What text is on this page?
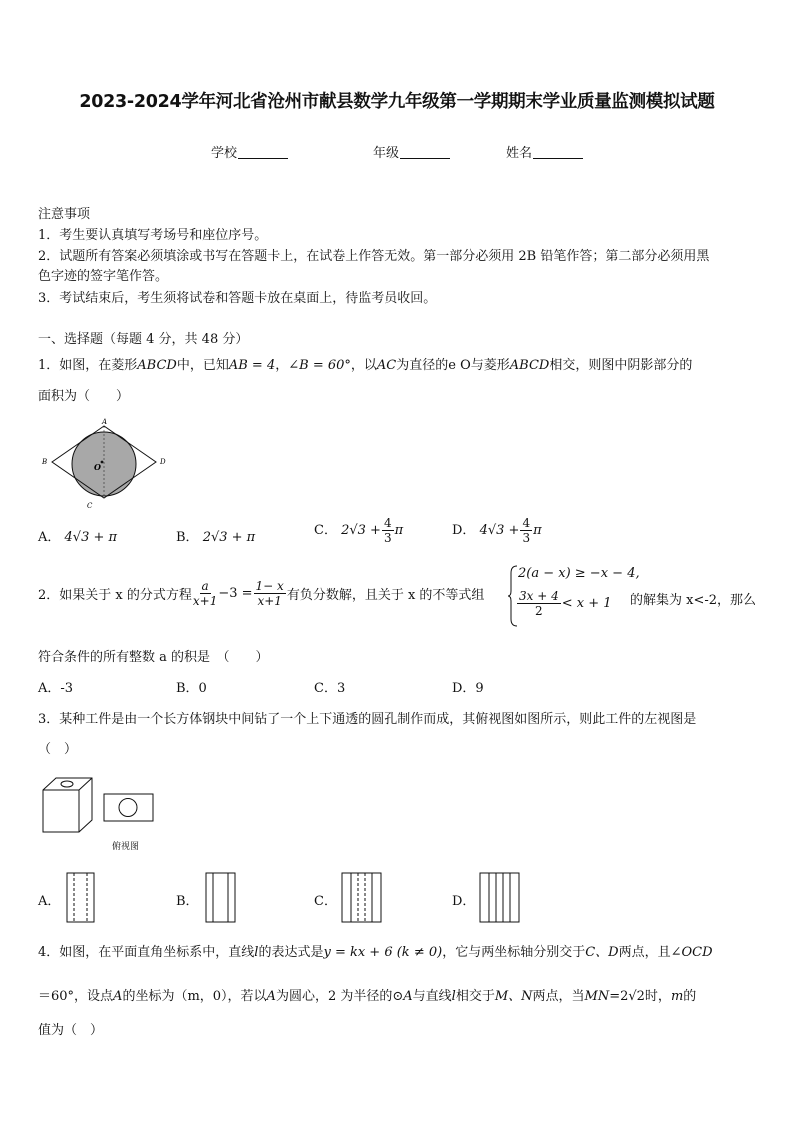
2023-2024学年河北省沧州市献县数学九年级第一学期期末学业质量监测模拟试题
学校	年级	姓名
注意事项
1．考生要认真填写考场号和座位序号。
2．试题所有答案必须填涂或书写在答题卡上，在试卷上作答无效。第一部分必须用 2B 铅笔作答；第二部分必须用黑
色字迹的签字笔作答。
3．考试结束后，考生须将试卷和答题卡放在桌面上，待监考员收回。
一、选择题（每题 4 分，共 48 分）
1．如图，在菱形ABCD中，已知AB = 4，∠B = 60°，以AC为直径的e O与菱形ABCD相交，则图中阴影部分的
面积为（　　）
A
B
C
D
O
A． 4√3 + π	B． 2√3 + π	C． $2√3 + \frac{4}{3}$ π	D． $4√3 + \frac{4}{3}$ π
2．如果关于 x 的分式方程 $\frac{a}{x+1} -3 = \frac{1- x}{x+1}$ 有负分数解，且关于 x 的不等式组
2(a − x) ≥ −x − 4,
$\frac{3x + 4}{2} < x + 1$ 的解集为 x<-2，那么
符合条件的所有整数 a 的积是　（　　）
A．-3	B．0	C．3	D．9
3．某种工件是由一个长方体钢块中间钻了一个上下通透的圆孔制作而成，其俯视图如图所示，则此工件的左视图是
（　）
俯视图
A．	B．	C．	D．
4．如图，在平面直角坐标系中，直线l的表达式是y = kx + 6 (k ≠ 0)，它与两坐标轴分别交于C、D两点，且∠OCD
＝60°，设点A的坐标为（m，0），若以A为圆心，2 为半径的⊙A与直线l相交于M、N两点，当MN=2√2时，m的
值为（　）
